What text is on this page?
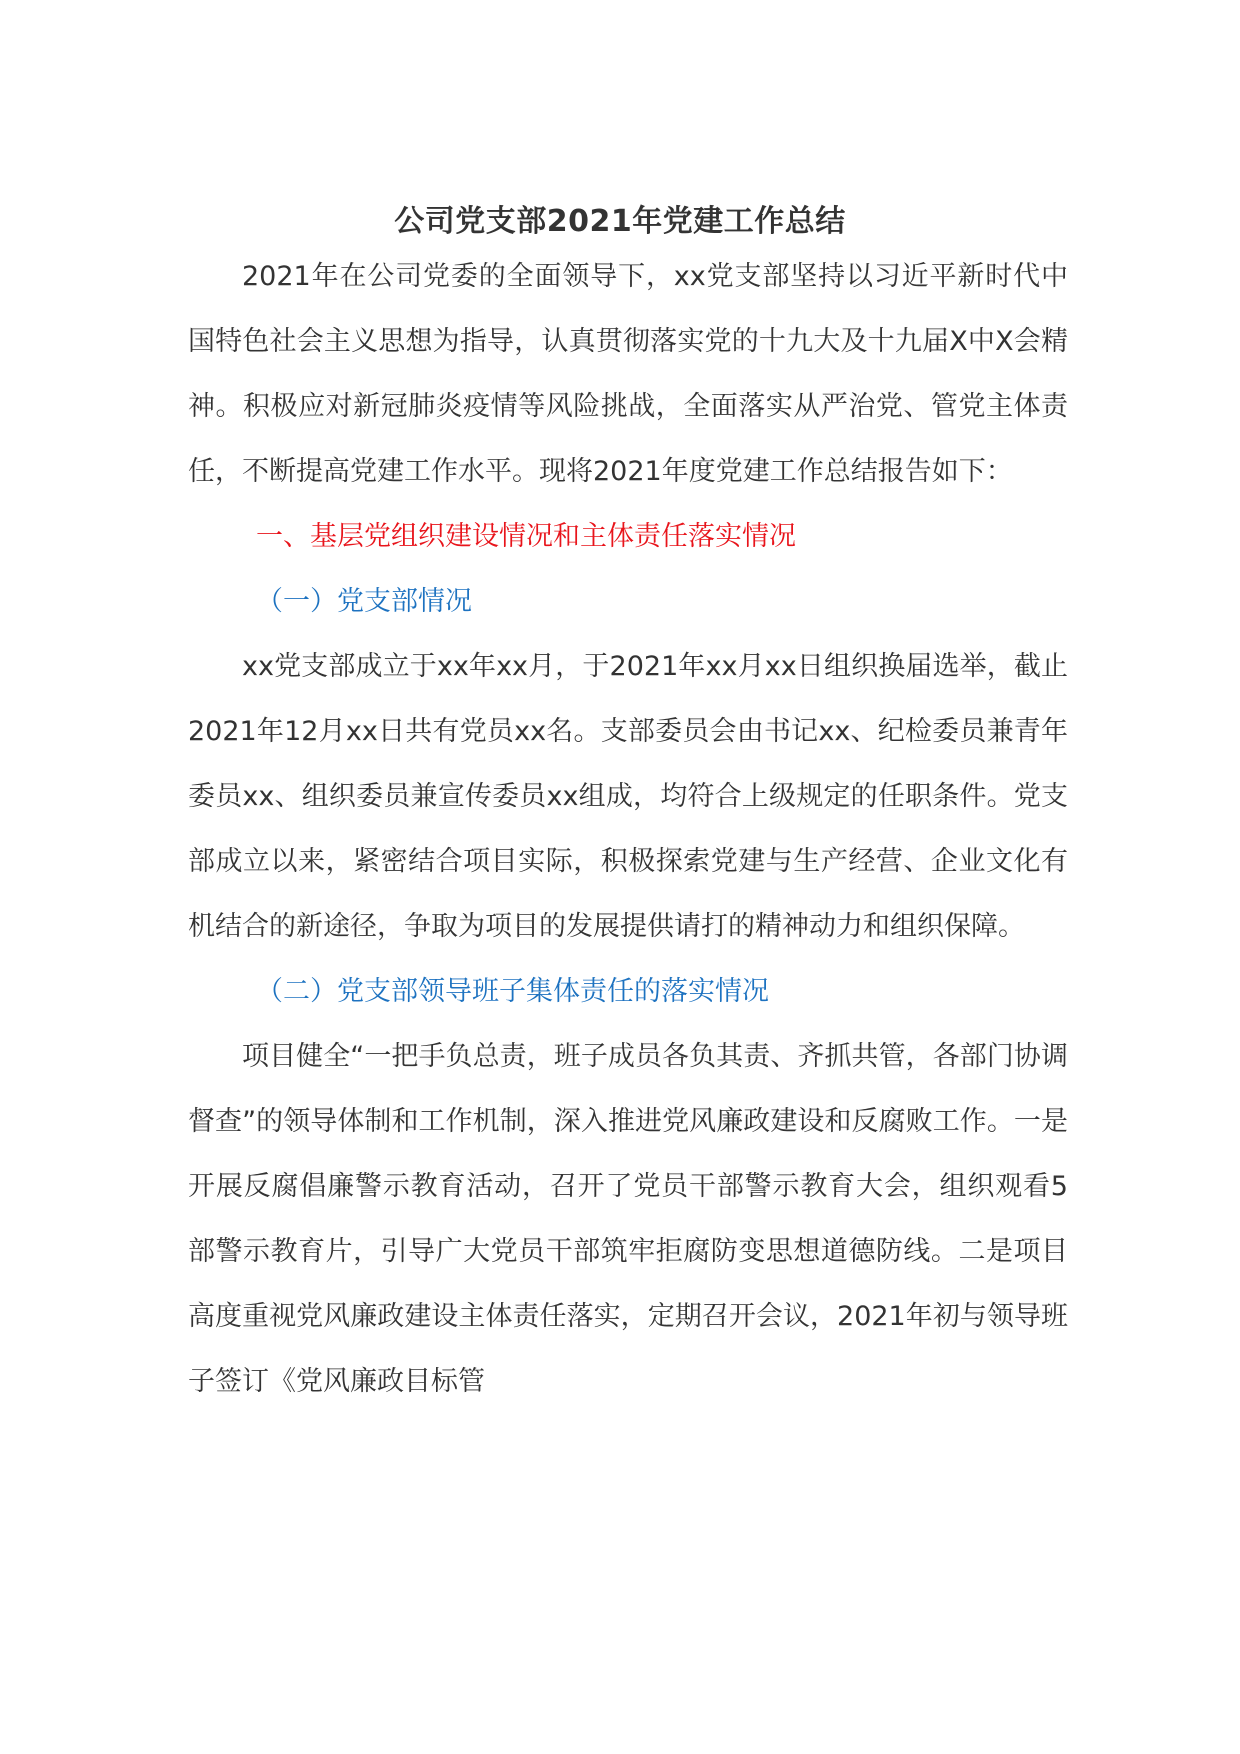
公司党支部2021年党建工作总结

2021年在公司党委的全面领导下，xx党支部坚持以习近平新时代中国特色社会主义思想为指导，认真贯彻落实党的十九大及十九届X中X会精神。积极应对新冠肺炎疫情等风险挑战，全面落实从严治党、管党主体责任，不断提高党建工作水平。现将2021年度党建工作总结报告如下：

一、基层党组织建设情况和主体责任落实情况

（一）党支部情况

xx党支部成立于xx年xx月，于2021年xx月xx日组织换届选举，截止2021年12月xx日共有党员xx名。支部委员会由书记xx、纪检委员兼青年委员xx、组织委员兼宣传委员xx组成，均符合上级规定的任职条件。党支部成立以来，紧密结合项目实际，积极探索党建与生产经营、企业文化有机结合的新途径，争取为项目的发展提供请打的精神动力和组织保障。

（二）党支部领导班子集体责任的落实情况

项目健全“一把手负总责，班子成员各负其责、齐抓共管，各部门协调督查”的领导体制和工作机制，深入推进党风廉政建设和反腐败工作。一是开展反腐倡廉警示教育活动，召开了党员干部警示教育大会，组织观看5部警示教育片，引导广大党员干部筑牢拒腐防变思想道德防线。二是项目高度重视党风廉政建设主体责任落实，定期召开会议，2021年初与领导班子签订《党风廉政目标管
